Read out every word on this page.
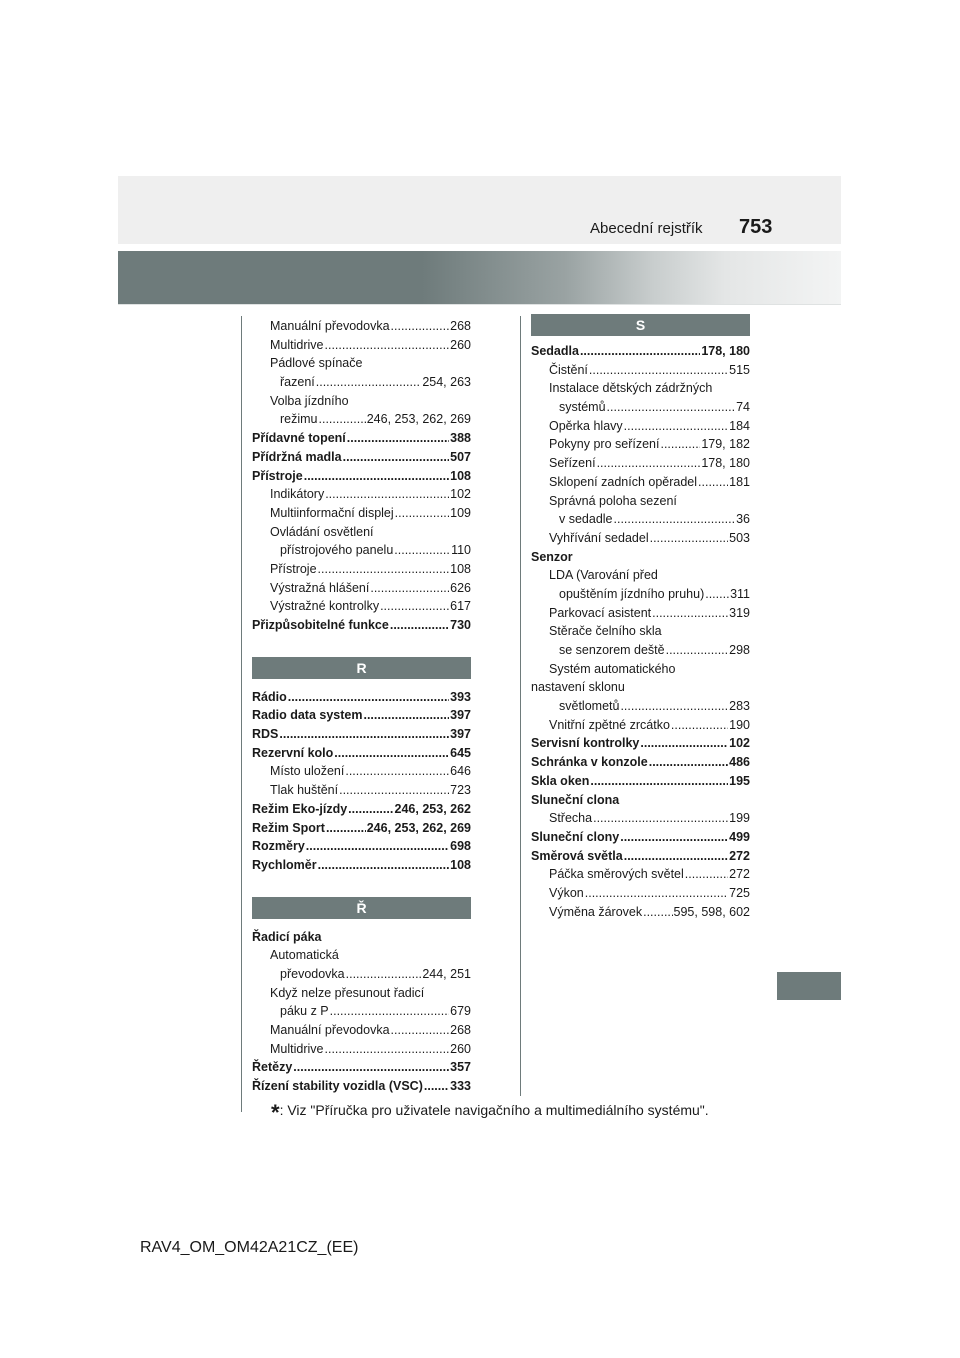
Abecední rejstřík 753
Manuální převodovka .....	268
Multidrive .....	260
Pádlové spínače
řazení .....	254, 263
Volba jízdního
režimu .....	246, 253, 262, 269
Přídavné topení .....	388
Přídržná madla .....	507
Přístroje .....	108
Indikátory .....	102
Multiinformační displej .....	109
Ovládání osvětlení
přístrojového panelu .....	110
Přístroje .....	108
Výstražná hlášení .....	626
Výstražné kontrolky .....	617
Přizpůsobitelné funkce .....	730
R
Rádio .....	393
Radio data system .....	397
RDS .....	397
Rezervní kolo .....	645
Místo uložení .....	646
Tlak huštění .....	723
Režim Eko-jízdy .....	246, 253, 262
Režim Sport .....	246, 253, 262, 269
Rozměry .....	698
Rychloměr .....	108
Ř
Řadicí páka
Automatická
převodovka .....	244, 251
Když nelze přesunout řadicí
páku z P .....	679
Manuální převodovka .....	268
Multidrive .....	260
Řetězy .....	357
Řízení stability vozidla (VSC) ..... 333
S
Sedadla .....	178, 180
Čistění .....	515
Instalace dětských zádržných
systémů .....	74
Opěrka hlavy .....	184
Pokyny pro seřízení .....	179, 182
Seřízení .....	178, 180
Sklopení zadních opěradel .....	181
Správná poloha sezení
v sedadle .....	36
Vyhřívání sedadel .....	503
Senzor
LDA (Varování před
opuštěním jízdního pruhu) ..... 311
Parkovací asistent .....	319
Stěrače čelního skla
se senzorem deště .....	298
Systém automatického
nastavení sklonu
světlometů .....	283
Vnitřní zpětné zrcátko .....	190
Servisní kontrolky .....	102
Schránka v konzole .....	486
Skla oken .....	195
Sluneční clona
Střecha .....	199
Sluneční clony .....	499
Směrová světla .....	272
Páčka směrových světel .....	272
Výkon .....	725
Výměna žárovek .....	595, 598, 602
*: Viz "Příručka pro uživatele navigačního a multimediálního systému".
RAV4_OM_OM42A21CZ_(EE)
